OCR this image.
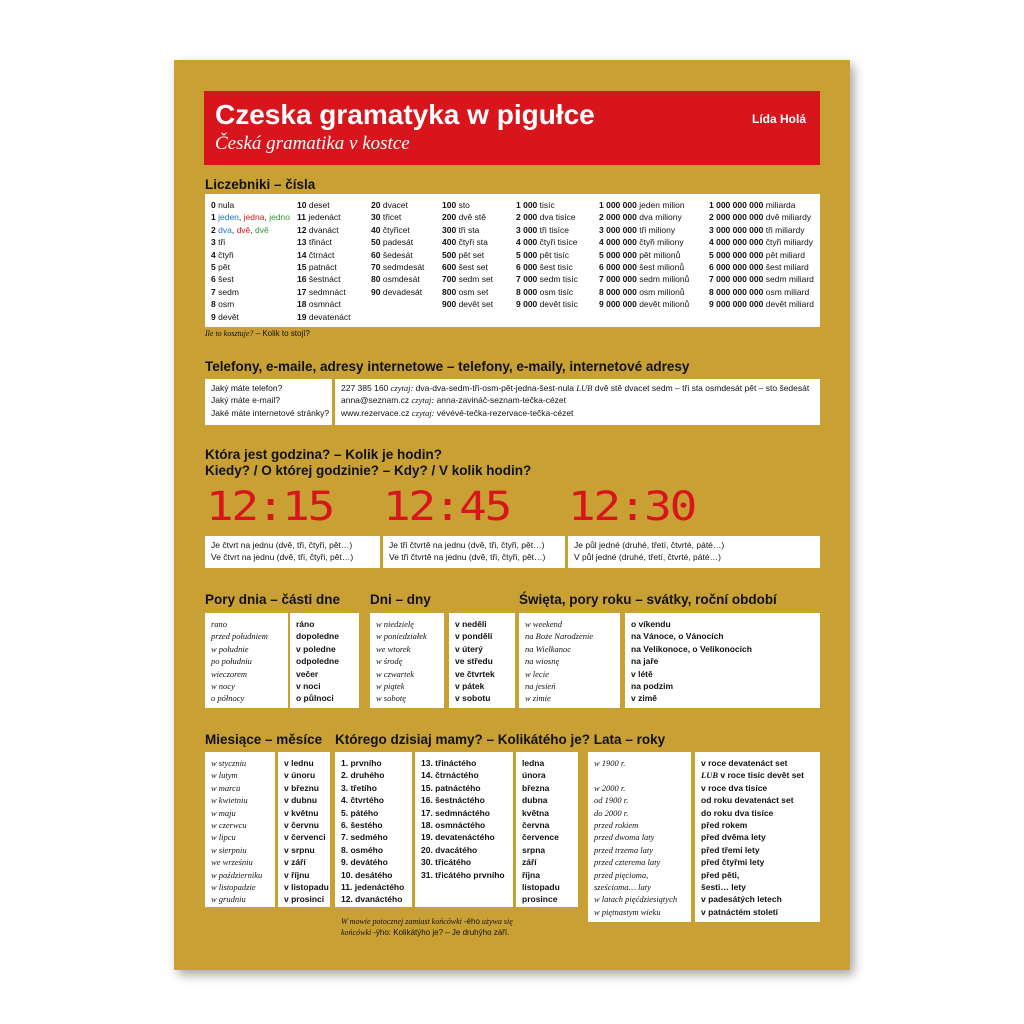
Czeska gramatyka w pigułce
Česká gramatika v kostce
Lída Holá
Liczebniki – čísla
0 nula
1 jeden, jedna, jedno
2 dva, dvě, dvě
3 tři
4 čtyři
5 pět
6 šest
7 sedm
8 osm
9 devět
10 deset
11 jedenáct
12 dvanáct
13 třináct
14 čtrnáct
15 patnáct
16 šestnáct
17 sedmnáct
18 osmnáct
19 devatenáct
20 dvacet
30 třicet
40 čtyřicet
50 padesát
60 šedesát
70 sedmdesát
80 osmdesát
90 devadesát
100 sto
200 dvě stě
300 tři sta
400 čtyři sta
500 pět set
600 šest set
700 sedm set
800 osm set
900 devět set
1 000 tisíc
2 000 dva tisíce
3 000 tři tisíce
4 000 čtyři tisíce
5 000 pět tisíc
6 000 šest tisíc
7 000 sedm tisíc
8 000 osm tisíc
9 000 devět tisíc
1 000 000 jeden milion
2 000 000 dva miliony
3 000 000 tři miliony
4 000 000 čtyři miliony
5 000 000 pět milionů
6 000 000 šest milionů
7 000 000 sedm milionů
8 000 000 osm milionů
9 000 000 devět milionů
1 000 000 000 miliarda
2 000 000 000 dvě miliardy
3 000 000 000 tři miliardy
4 000 000 000 čtyři miliardy
5 000 000 000 pět miliard
6 000 000 000 šest miliard
7 000 000 000 sedm miliard
8 000 000 000 osm miliard
9 000 000 000 devět miliard
Ile to kosztuje? – Kolik to stojí?
Telefony, e-maile, adresy internetowe – telefony, e-maily, internetové adresy
Jaký máte telefon?
Jaký máte e-mail?
Jaké máte internetové stránky?
227 385 160 czytaj: dva-dva-sedm-tři-osm-pět-jedna-šest-nula LUB dvě stě dvacet sedm – tři sta osmdesát pět – sto šedesát
anna@seznam.cz czytaj: anna-zavináč-seznam-tečka-cézet
www.rezervace.cz czytaj: vévévé-tečka-rezervace-tečka-cézet
Która jest godzina? – Kolik je hodin?
Kiedy? / O której godzinie? – Kdy? / V kolik hodin?
12:15 12:45 12:30
Je čtvrt na jednu (dvě, tři, čtyři, pět…)
Ve čtvrt na jednu (dvě, tři, čtyři, pět…)
Je tři čtvrtě na jednu (dvě, tři, čtyři, pět…)
Ve tři čtvrtě na jednu (dvě, tři, čtyři, pět…)
Je půl jedné (druhé, třetí, čtvrté, páté…)
V půl jedné (druhé, třetí, čtvrté, páté…)
Pory dnia – části dne Dni – dny	Święta, pory roku – svátky, roční období
rano
przed południem
w południe
po południu
wieczorem
w nocy
o północy
ráno
dopoledne
v poledne
odpoledne
večer
v noci
o půlnoci
w niedzielę
w poniedziałek
we wtorek
w środę
w czwartek
w piątek
w sobotę
v neděli
v pondělí
v úterý
ve středu
ve čtvrtek
v pátek
v sobotu
w weekend
na Boże Narodzenie
na Wielkanoc
na wiosnę
w lecie
na jesień
w zimie
o víkendu
na Vánoce, o Vánocích
na Velikonoce, o Velikonocích
na jaře
v létě
na podzim
v zimě
Miesiące – měsíce Którego dzisiaj mamy? – Kolikátého je? Lata – roky
w styczniu
w lutym
w marcu
w kwietniu
w maju
w czerwcu
w lipcu
w sierpniu
we wrześniu
w październiku
w listopadzie
w grudniu
v lednu
v únoru
v březnu
v dubnu
v květnu
v červnu
v červenci
v srpnu
v září
v říjnu
v listopadu
v prosinci
1. prvního
2. druhého
3. třetího
4. čtvrtého
5. pátého
6. šestého
7. sedmého
8. osmého
9. devátého
10. desátého
11. jedenáctého
12. dvanáctého
13. třináctého
14. čtrnáctého
15. patnáctého
16. šestnáctého
17. sedmnáctého
18. osmnáctého
19. devatenáctého
20. dvacátého
30. třicátého
31. třicátého prvního
ledna
února
března
dubna
května
června
července
srpna
září
října
listopadu
prosince
w 1900 r.

w 2000 r.
od 1900 r.
do 2000 r.
przed rokiem
przed dwoma laty
przed trzema laty
przed czterema laty
przed pięcioma,
sześcioma… laty
w latach pięćdziesiątych
w piętnastym wieku
v roce devatenáct set
LUB v roce tisíc devět set
v roce dva tisíce
od roku devatenáct set
do roku dva tisíce
před rokem
před dvěma lety
před třemi lety
před čtyřmi lety
před pěti,
šesti… lety
v padesátých letech
v patnáctém století
W mowie potocznej zamiast końcówki -ého używa się
końcówki -ýho: Kolikátýho je? – Je druhýho září.
